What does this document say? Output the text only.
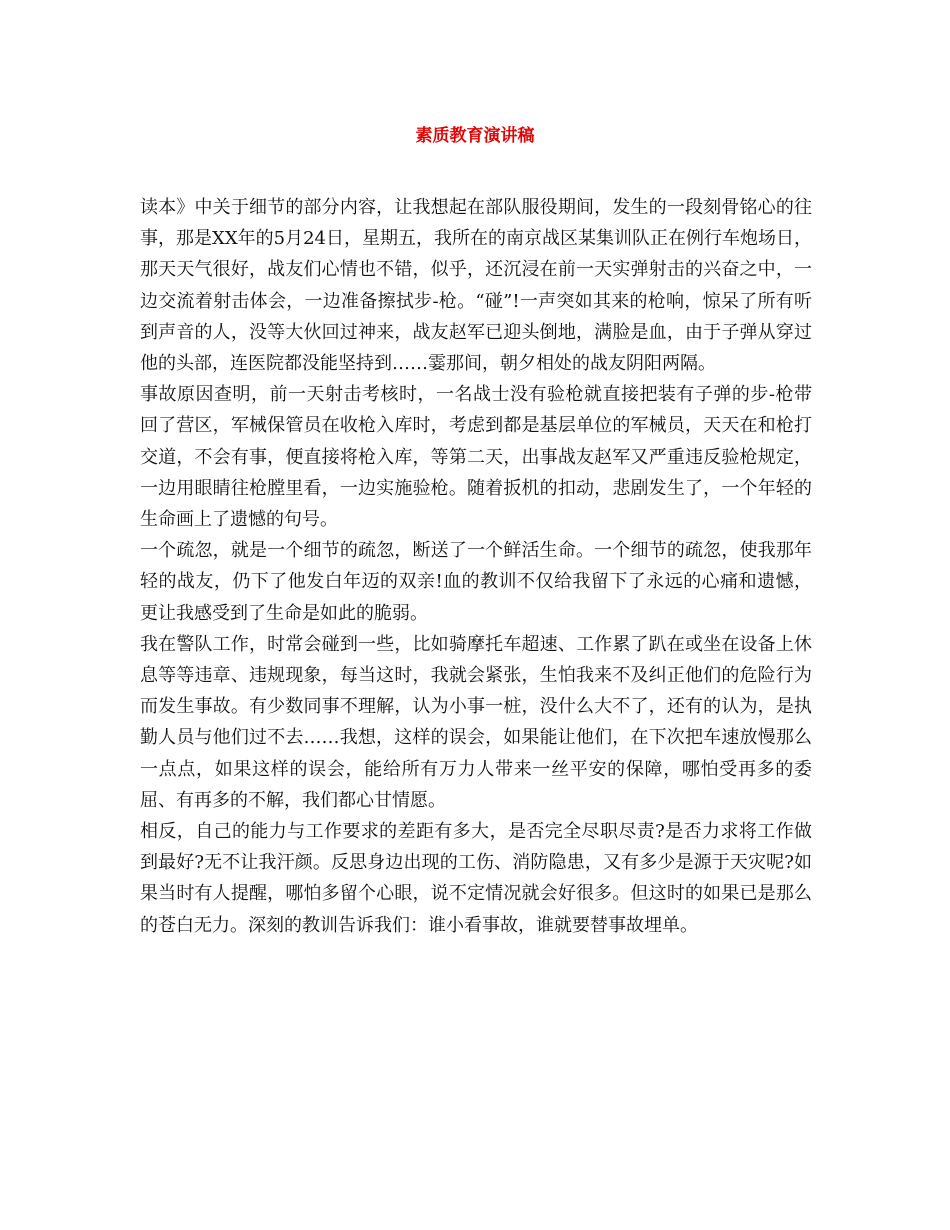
素质教育演讲稿

读本》中关于细节的部分内容，让我想起在部队服役期间，发生的一段刻骨铭心的往事，那是XX年的5月24日，星期五，我所在的南京战区某集训队正在例行车炮场日，那天天气很好，战友们心情也不错，似乎，还沉浸在前一天实弹射击的兴奋之中，一边交流着射击体会，一边准备擦拭步-枪。“碰”!一声突如其来的枪响，惊呆了所有听到声音的人，没等大伙回过神来，战友赵军已迎头倒地，满脸是血，由于子弹从穿过他的头部，连医院都没能坚持到……霎那间，朝夕相处的战友阴阳两隔。

事故原因查明，前一天射击考核时，一名战士没有验枪就直接把装有子弹的步-枪带回了营区，军械保管员在收枪入库时，考虑到都是基层单位的军械员，天天在和枪打交道，不会有事，便直接将枪入库，等第二天，出事战友赵军又严重违反验枪规定，一边用眼睛往枪膛里看，一边实施验枪。随着扳机的扣动，悲剧发生了，一个年轻的生命画上了遗憾的句号。

一个疏忽，就是一个细节的疏忽，断送了一个鲜活生命。一个细节的疏忽，使我那年轻的战友，仍下了他发白年迈的双亲!血的教训不仅给我留下了永远的心痛和遗憾，更让我感受到了生命是如此的脆弱。

我在警队工作，时常会碰到一些，比如骑摩托车超速、工作累了趴在或坐在设备上休息等等违章、违规现象，每当这时，我就会紧张，生怕我来不及纠正他们的危险行为而发生事故。有少数同事不理解，认为小事一桩，没什么大不了，还有的认为，是执勤人员与他们过不去……我想，这样的误会，如果能让他们，在下次把车速放慢那么一点点，如果这样的误会，能给所有万力人带来一丝平安的保障，哪怕受再多的委屈、有再多的不解，我们都心甘情愿。

相反，自己的能力与工作要求的差距有多大，是否完全尽职尽责?是否力求将工作做到最好?无不让我汗颜。反思身边出现的工伤、消防隐患，又有多少是源于天灾呢?如果当时有人提醒，哪怕多留个心眼，说不定情况就会好很多。但这时的如果已是那么的苍白无力。深刻的教训告诉我们：谁小看事故，谁就要替事故埋单。
